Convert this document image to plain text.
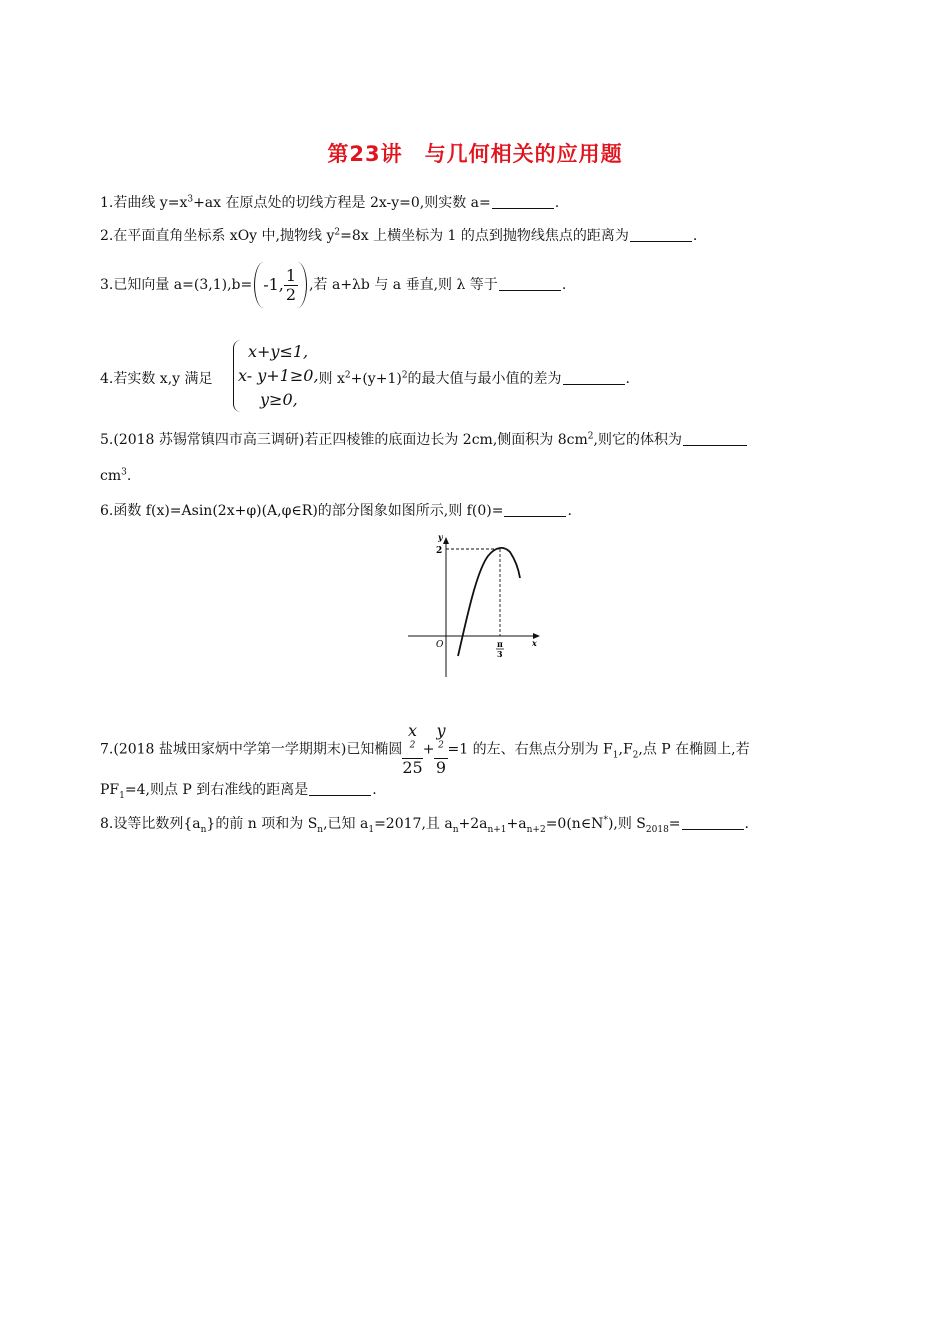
第23讲　与几何相关的应用题
1.若曲线 $y=x^3+ax$ 在原点处的切线方程是 2x-y=0,则实数 a=	.
2.在平面直角坐标系 xOy 中,抛物线 $y^2=8x$ 上横坐标为 1 的点到抛物线焦点的距离为	.
3.已知向量 a=(3,1),b= -1, $\frac{1}{2}$ ,若 a+λb 与 a 垂直,则 λ 等于	.
4.若实数 x,y 满足	则 $x^2+(y+1)^2$的最大值与最小值的差为	.
x+y≤1,
x- y+1≥0,
y≥0,
5.(2018 苏锡常镇四市高三调研)若正四棱锥的底面边长为 2cm,侧面积为 $8cm^2$,则它的体积为
$cm^3$.
6.函数 f(x)=Asin(2x+φ)(A,φ∈R)的部分图象如图所示,则 f(0)=	.
y
x
O
2
π
3
7.(2018 盐城田家炳中学第一学期期末)已知椭圆 x
$^2$
25 + y
$^2$
9 =1 的左、右焦点分别为 $F_1,F_2$,点 P 在椭圆上,若
$PF_1=4$,则点 P 到右准线的距离是	.
8.设等比数列$\{a_n\}$的前 n 项和为 $S_n$,已知 $a_1=2017$,且 $a_n+2a_{n+1}+a_{n+2}=0(n\in N^*)$,则 $S_{2018}=$	.
